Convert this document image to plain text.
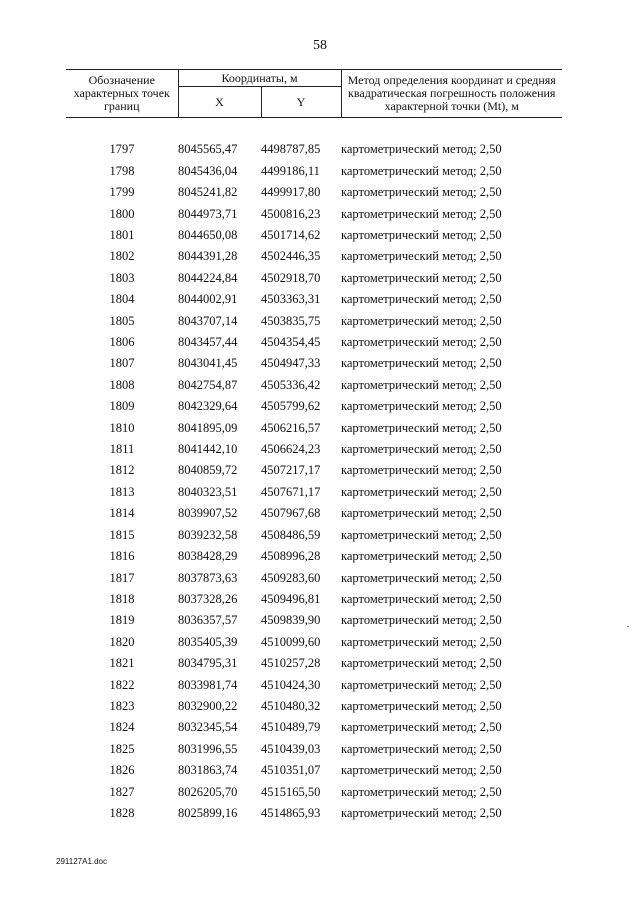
58
Обозначение характерных точек границ	Координаты, м		Метод определения координат и средняя квадратическая погрешность положения характерной точки (Mt), м
	X	Y	

1797	8045565,47	4498787,85	картометрический метод; 2,50
1798	8045436,04	4499186,11	картометрический метод; 2,50
1799	8045241,82	4499917,80	картометрический метод; 2,50
1800	8044973,71	4500816,23	картометрический метод; 2,50
1801	8044650,08	4501714,62	картометрический метод; 2,50
1802	8044391,28	4502446,35	картометрический метод; 2,50
1803	8044224,84	4502918,70	картометрический метод; 2,50
1804	8044002,91	4503363,31	картометрический метод; 2,50
1805	8043707,14	4503835,75	картометрический метод; 2,50
1806	8043457,44	4504354,45	картометрический метод; 2,50
1807	8043041,45	4504947,33	картометрический метод; 2,50
1808	8042754,87	4505336,42	картометрический метод; 2,50
1809	8042329,64	4505799,62	картометрический метод; 2,50
1810	8041895,09	4506216,57	картометрический метод; 2,50
1811	8041442,10	4506624,23	картометрический метод; 2,50
1812	8040859,72	4507217,17	картометрический метод; 2,50
1813	8040323,51	4507671,17	картометрический метод; 2,50
1814	8039907,52	4507967,68	картометрический метод; 2,50
1815	8039232,58	4508486,59	картометрический метод; 2,50
1816	8038428,29	4508996,28	картометрический метод; 2,50
1817	8037873,63	4509283,60	картометрический метод; 2,50
1818	8037328,26	4509496,81	картометрический метод; 2,50
1819	8036357,57	4509839,90	картометрический метод; 2,50
1820	8035405,39	4510099,60	картометрический метод; 2,50
1821	8034795,31	4510257,28	картометрический метод; 2,50
1822	8033981,74	4510424,30	картометрический метод; 2,50
1823	8032900,22	4510480,32	картометрический метод; 2,50
1824	8032345,54	4510489,79	картометрический метод; 2,50
1825	8031996,55	4510439,03	картометрический метод; 2,50
1826	8031863,74	4510351,07	картометрический метод; 2,50
1827	8026205,70	4515165,50	картометрический метод; 2,50
1828	8025899,16	4514865,93	картометрический метод; 2,50
291127A1.doc
